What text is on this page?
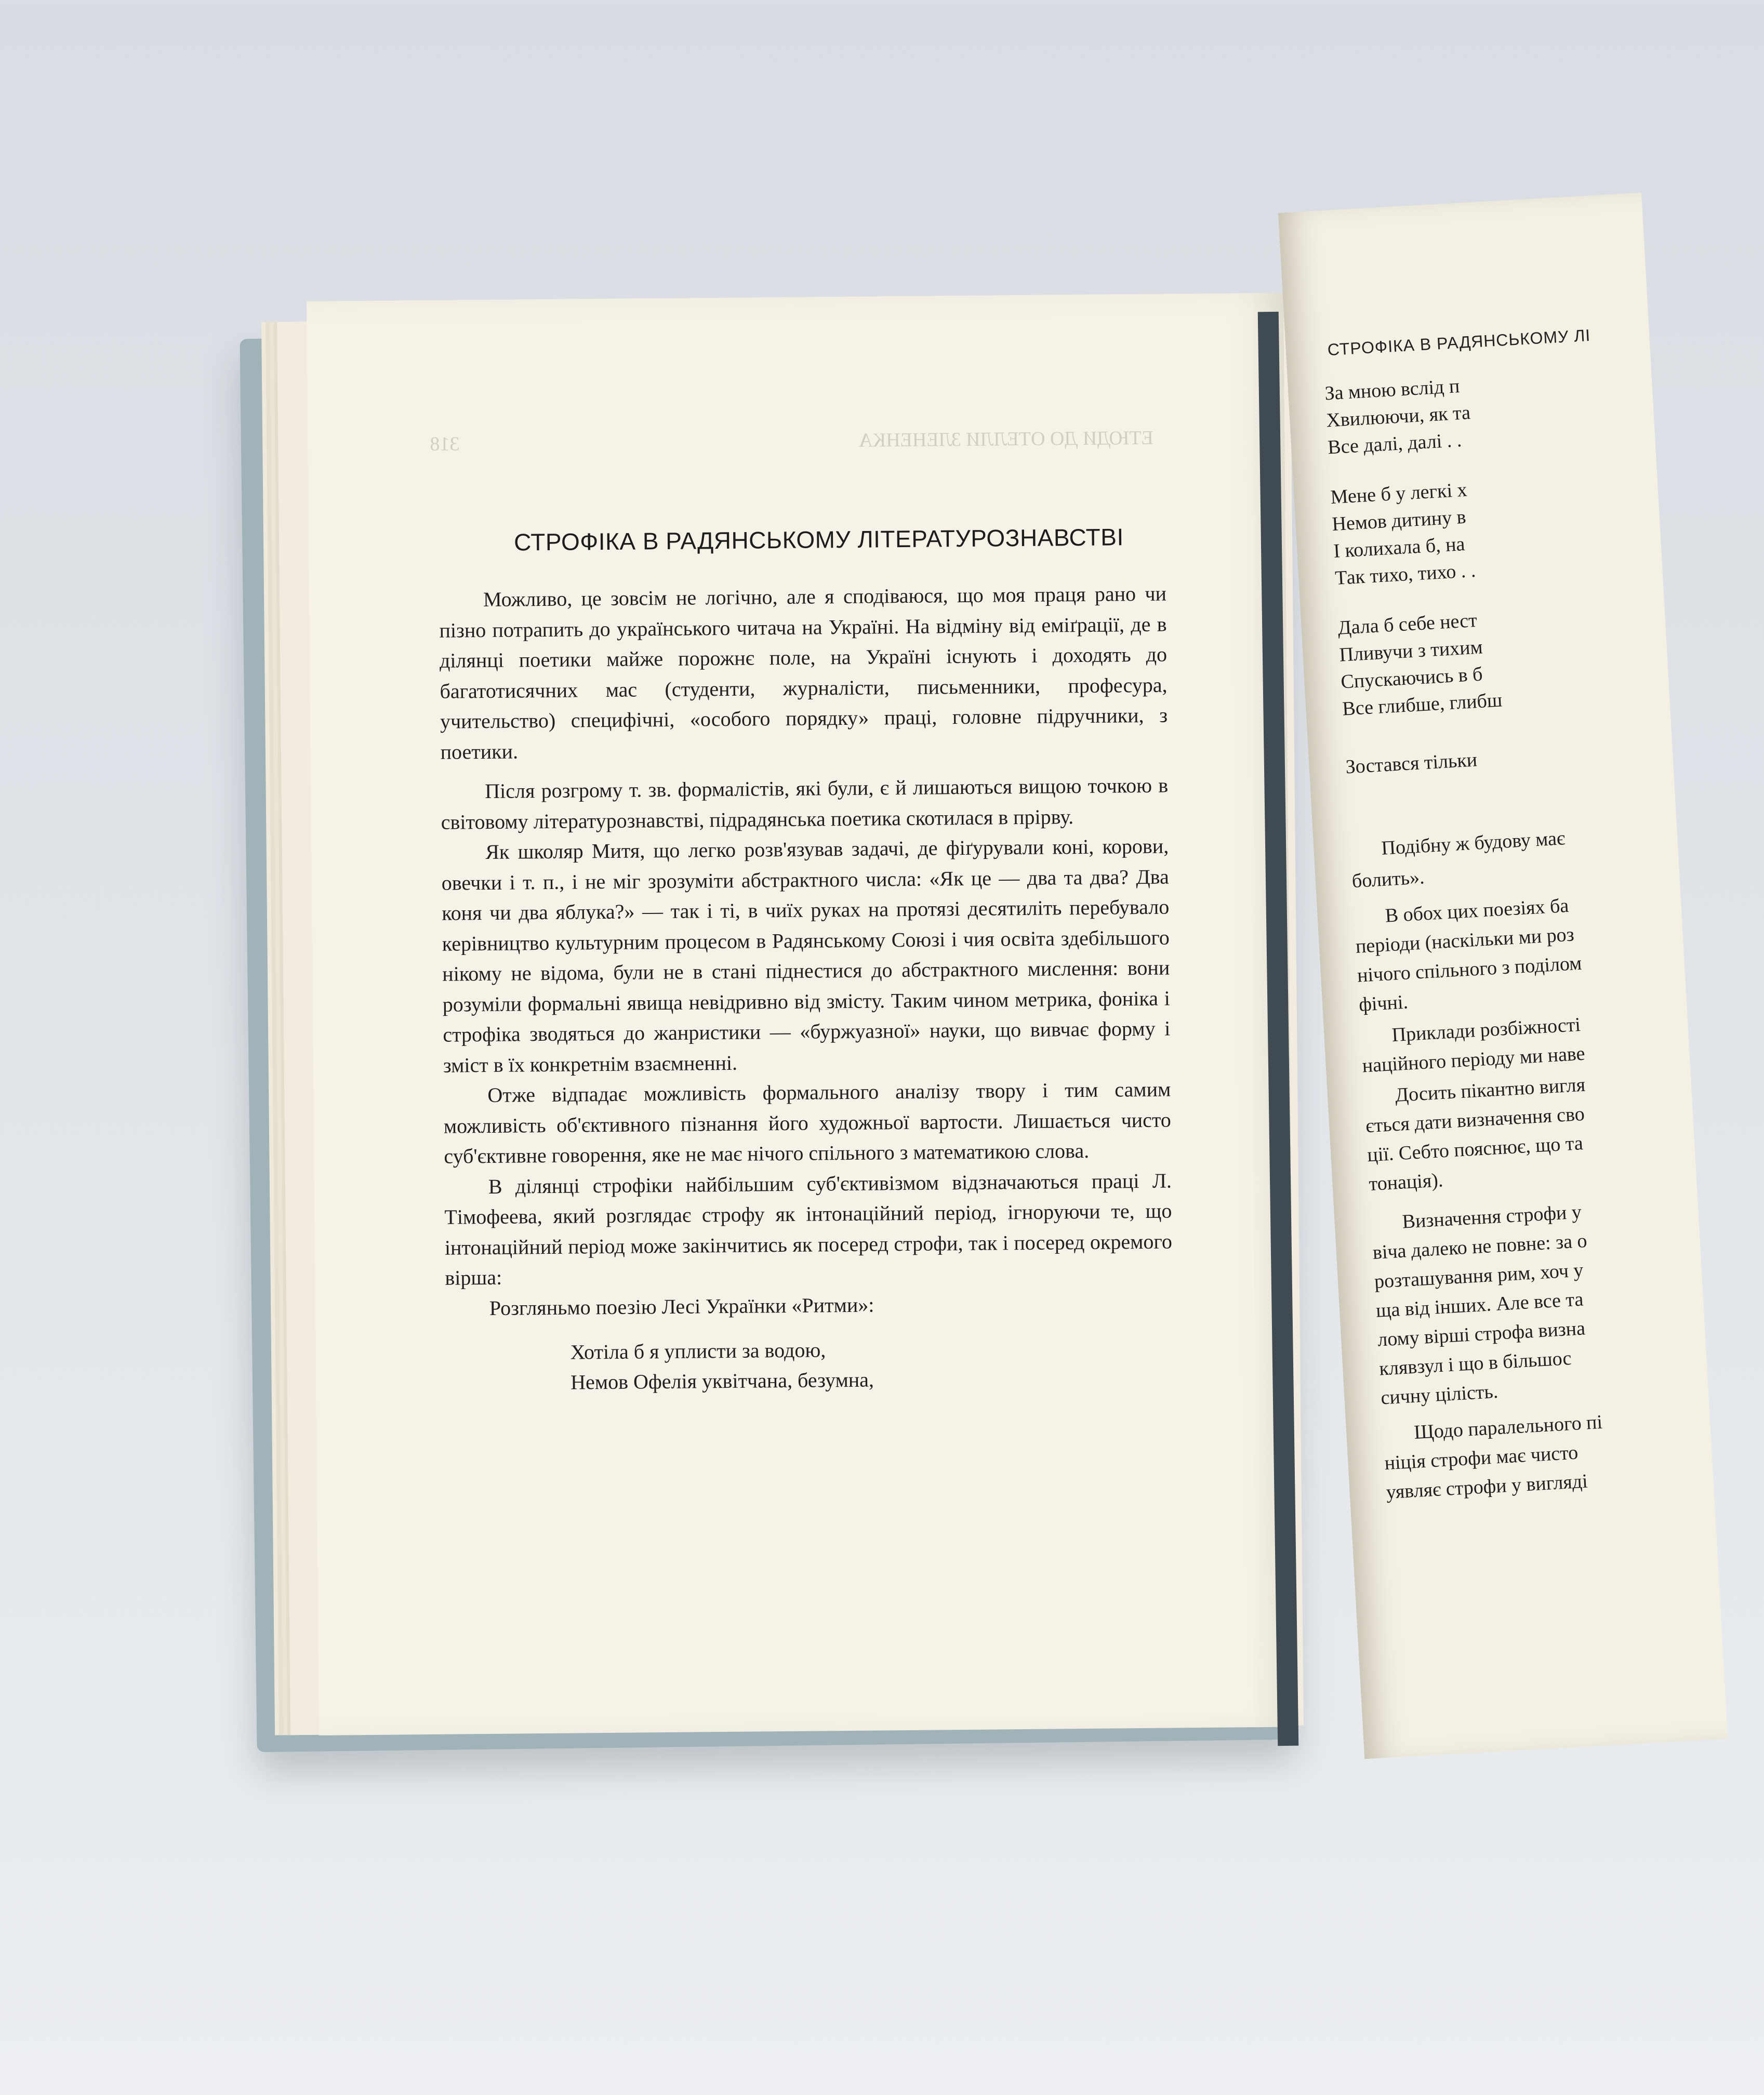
318	ЕТЮДИ ДО ОТЕЛЛИ ЗЛЕНЕНКА
СТРОФІКА В РАДЯНСЬКОМУ ЛІТЕРАТУРОЗНАВСТВІ

Можливо, це зовсім не логічно, але я сподіваюся, що моя праця рано чи пізно потрапить до українського читача на Україні. На відміну від еміґрації, де в ділянці поетики майже порожнє поле, на Україні існують і доходять до багатотисячних мас (студенти, журналісти, письменники, професура, учительство) специфічні, «особого порядку» праці, головне підручники, з поетики.

Після розгрому т. зв. формалістів, які були, є й лишаються вищою точкою в світовому літературознавстві, підрадянська поетика скотилася в прірву.

Як школяр Митя, що легко розв'язував задачі, де фіґурували коні, корови, овечки і т. п., і не міг зрозуміти абстрактного числа: «Як це — два та два? Два коня чи два яблука?» — так і ті, в чиїх руках на протязі десятиліть перебувало керівництво культурним процесом в Радянському Союзі і чия освіта здебільшого нікому не відома, були не в стані піднестися до абстрактного мислення: вони розуміли формальні явища невідривно від змісту. Таким чином метрика, фоніка і строфіка зводяться до жанристики — «буржуазної» науки, що вивчає форму і зміст в їх конкретнім взаємненні.

Отже відпадає можливість формального аналізу твору і тим самим можливість об'єктивного пізнання його художньої вартости. Лишається чисто суб'єктивне говорення, яке не має нічого спільного з математикою слова.

В ділянці строфіки найбільшим суб'єктивізмом відзначаються праці Л. Тімофеева, який розглядає строфу як інтонаційний період, ігноруючи те, що інтонаційний період може закінчитись як посеред строфи, так і посеред окремого вірша:

Розгляньмо поезію Лесі Українки «Ритми»:

Хотіла б я уплисти за водою,
Немов Офелія уквітчана, безумна,
СТРОФІКА В РАДЯНСЬКОМУ ЛІ
За мною вслід п
Хвилюючи, як та
Все далі, далі . .
Мене б у легкі х
Немов дитину в
І колихала б, на
Так тихо, тихо . .
Дала б себе нест
Пливучи з тихим
Спускаючись в б
Все глибше, глибш
Зостався тільки
Подібну ж будову має
болить».
В обох цих поезіях ба
періоди (наскільки ми роз
нічого спільного з поділом
фічні.
Приклади розбіжності
наційного періоду ми наве
Досить пікантно вигля
ється дати визначення сво
ції. Себто пояснює, що та
тонація).
Визначення строфи у
віча далеко не повне: за о
розташування рим, хоч у
ща від інших. Але все та
лому вірші строфа визна
клявзул і що в більшос
сичну цілість.
Щодо паралельного пі
ніція строфи має чисто
уявляє строфи у вигляді
